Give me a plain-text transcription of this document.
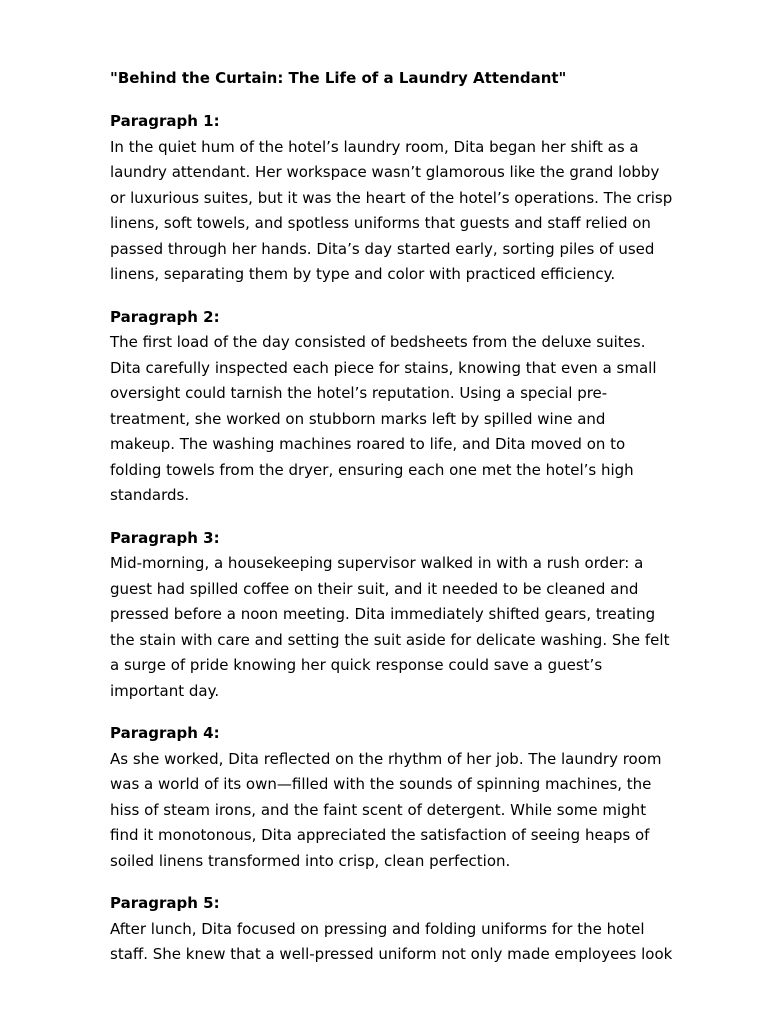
"Behind the Curtain: The Life of a Laundry Attendant"
Paragraph 1:
In the quiet hum of the hotel’s laundry room, Dita began her shift as a
laundry attendant. Her workspace wasn’t glamorous like the grand lobby
or luxurious suites, but it was the heart of the hotel’s operations. The crisp
linens, soft towels, and spotless uniforms that guests and staff relied on
passed through her hands. Dita’s day started early, sorting piles of used
linens, separating them by type and color with practiced efficiency.
Paragraph 2:
The first load of the day consisted of bedsheets from the deluxe suites.
Dita carefully inspected each piece for stains, knowing that even a small
oversight could tarnish the hotel’s reputation. Using a special pre-
treatment, she worked on stubborn marks left by spilled wine and
makeup. The washing machines roared to life, and Dita moved on to
folding towels from the dryer, ensuring each one met the hotel’s high
standards.
Paragraph 3:
Mid-morning, a housekeeping supervisor walked in with a rush order: a
guest had spilled coffee on their suit, and it needed to be cleaned and
pressed before a noon meeting. Dita immediately shifted gears, treating
the stain with care and setting the suit aside for delicate washing. She felt
a surge of pride knowing her quick response could save a guest’s
important day.
Paragraph 4:
As she worked, Dita reflected on the rhythm of her job. The laundry room
was a world of its own—filled with the sounds of spinning machines, the
hiss of steam irons, and the faint scent of detergent. While some might
find it monotonous, Dita appreciated the satisfaction of seeing heaps of
soiled linens transformed into crisp, clean perfection.
Paragraph 5:
After lunch, Dita focused on pressing and folding uniforms for the hotel
staff. She knew that a well-pressed uniform not only made employees look
